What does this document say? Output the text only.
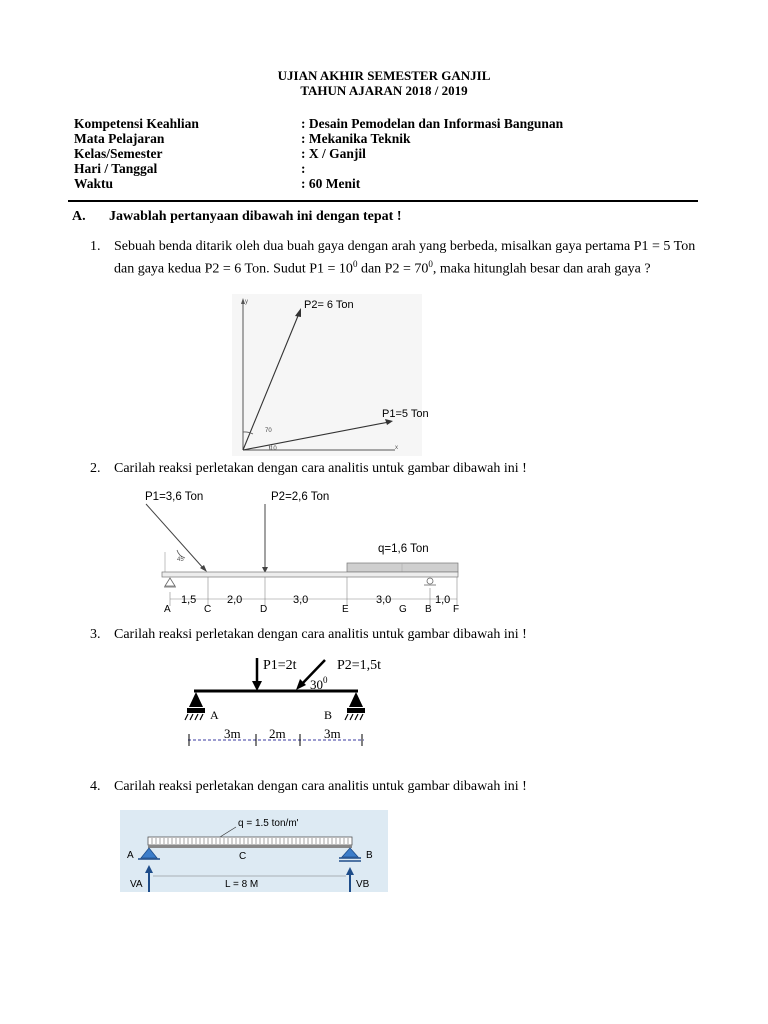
UJIAN AKHIR SEMESTER GANJIL
TAHUN AJARAN 2018 / 2019
Kompetensi Keahlian	: Desain Pemodelan dan Informasi Bangunan
Mata Pelajaran	: Mekanika Teknik
Kelas/Semester	: X / Ganjil
Hari / Tanggal	:
Waktu	: 60 Menit
A. Jawablah pertanyaan dibawah ini dengan tepat !
1. Sebuah benda ditarik oleh dua buah gaya dengan arah yang berbeda, misalkan gaya pertama P1 = 5 Ton dan gaya kedua P2 = 6 Ton. Sudut $P1 = 10^0$ dan $P2 = 70^0$, maka hitunglah besar dan arah gaya ?
y
x
P2= 6 Ton
P1=5 Ton
70
10
2. Carilah reaksi perletakan dengan cara analitis untuk gambar dibawah ini !
P1=3,6 Ton	P2=2,6 Ton
45
q=1,6 Ton
1,5	2,0	3,0	3,0	1,0
A	C	D	E	G B F
3. Carilah reaksi perletakan dengan cara analitis untuk gambar dibawah ini !
P1=2t	P2=1,5t
$30^0$
A	B
3m 2m	3m
4. Carilah reaksi perletakan dengan cara analitis untuk gambar dibawah ini !
q = 1.5 ton/m'
A	B
C
VA	VB
L = 8 M
